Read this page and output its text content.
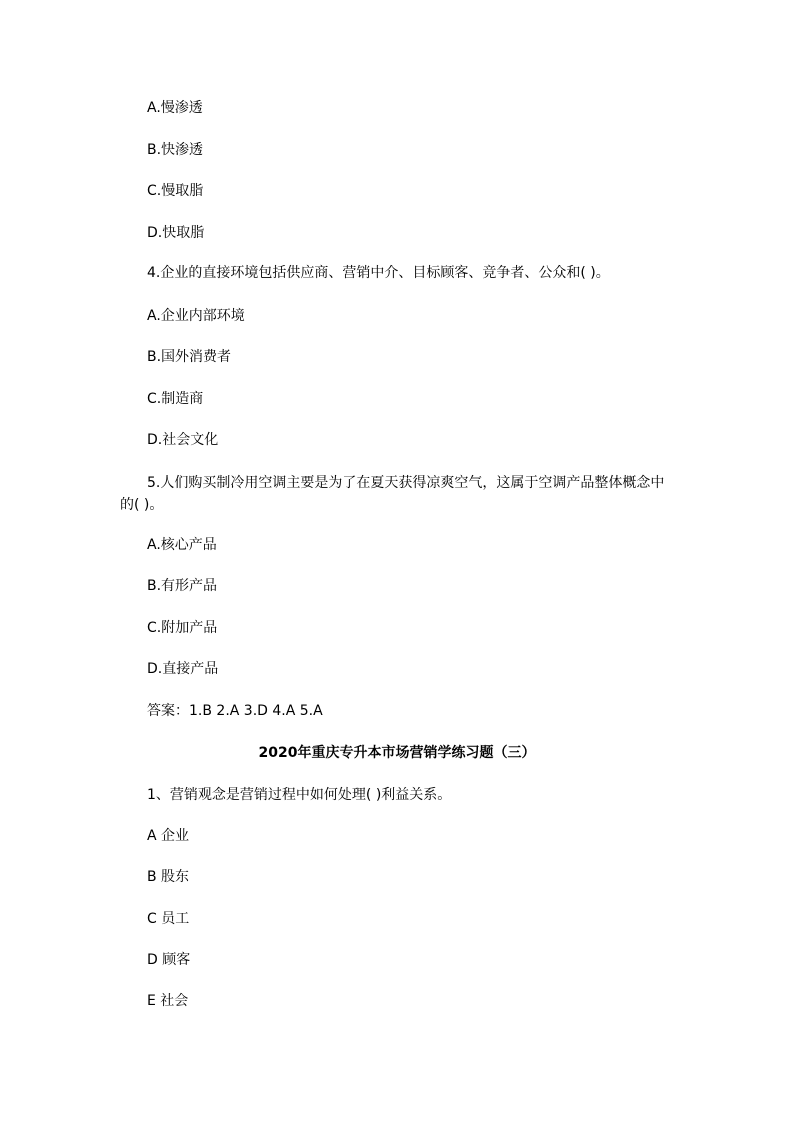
A.慢渗透
B.快渗透
C.慢取脂
D.快取脂
4.企业的直接环境包括供应商、营销中介、目标顾客、竞争者、公众和( )。
A.企业内部环境
B.国外消费者
C.制造商
D.社会文化
5.人们购买制冷用空调主要是为了在夏天获得凉爽空气，这属于空调产品整体概念中的( )。
A.核心产品
B.有形产品
C.附加产品
D.直接产品
答案：1.B 2.A 3.D 4.A 5.A
2020年重庆专升本市场营销学练习题（三）
1、营销观念是营销过程中如何处理( )利益关系。
A 企业
B 股东
C 员工
D 顾客
E 社会
